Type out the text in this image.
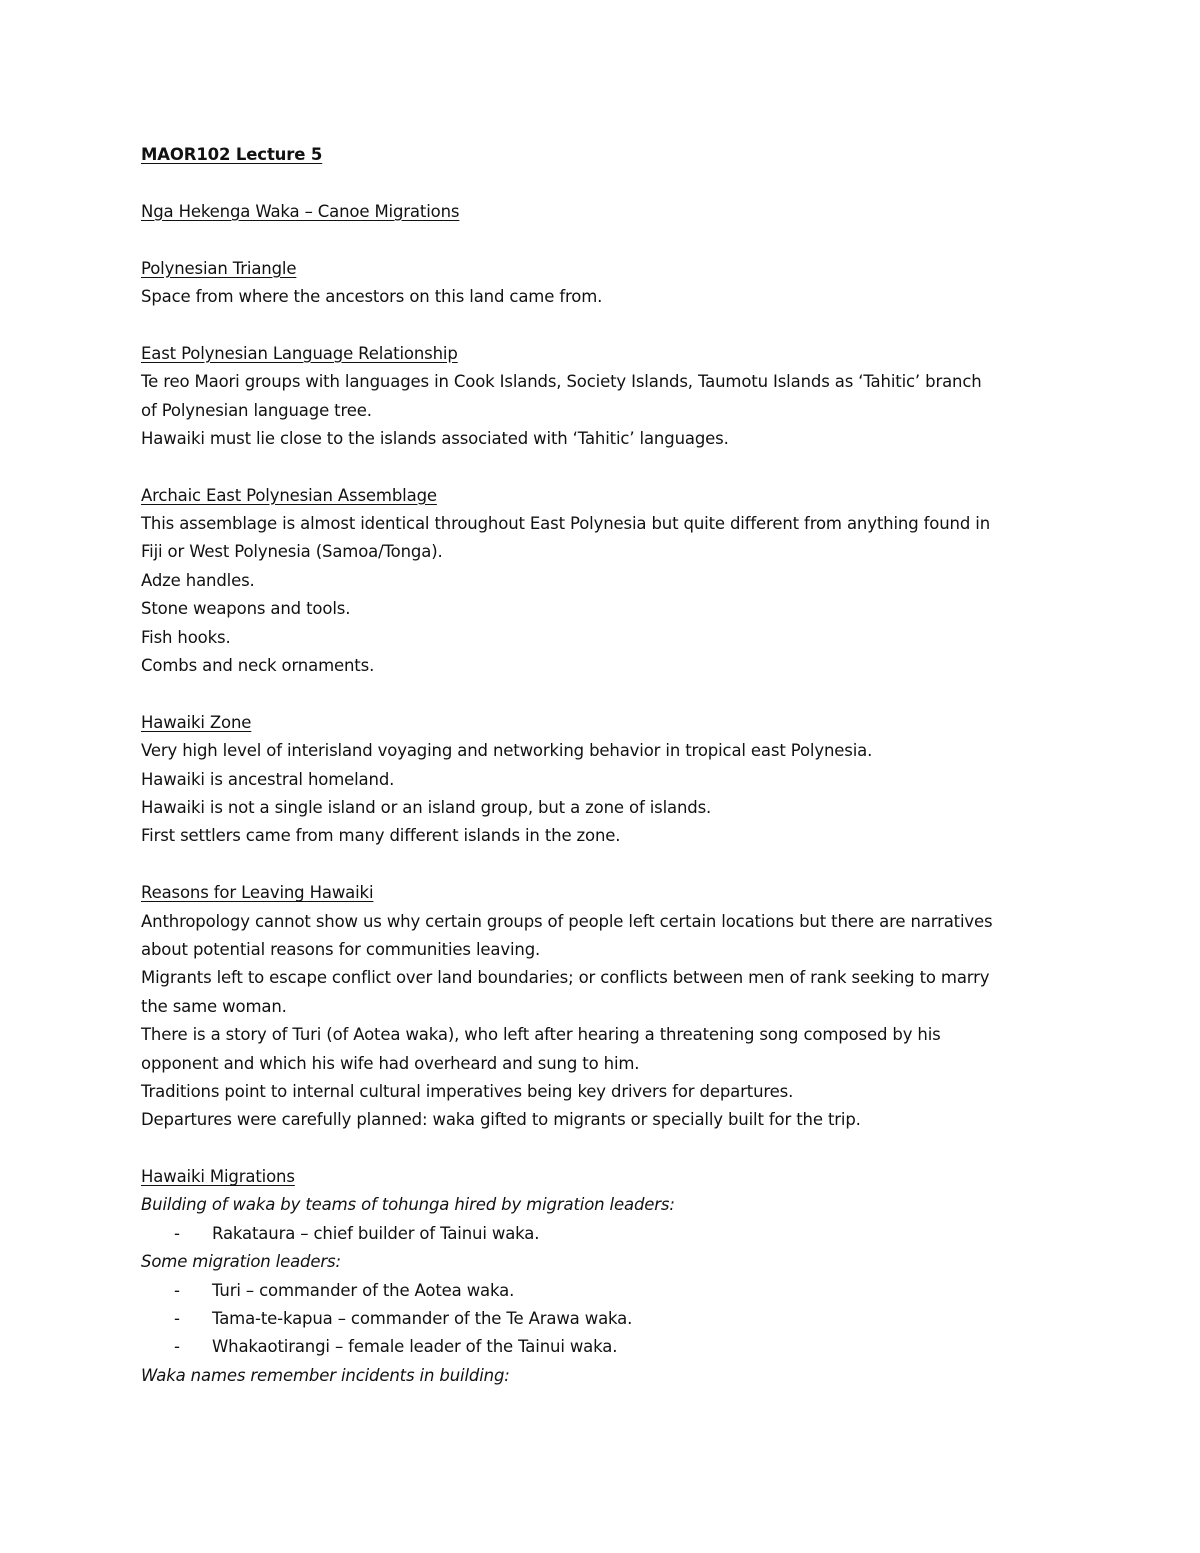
MAOR102 Lecture 5
Nga Hekenga Waka – Canoe Migrations
Polynesian Triangle
Space from where the ancestors on this land came from.
East Polynesian Language Relationship
Te reo Maori groups with languages in Cook Islands, Society Islands, Taumotu Islands as ‘Tahitic’ branch
of Polynesian language tree.
Hawaiki must lie close to the islands associated with ‘Tahitic’ languages.
Archaic East Polynesian Assemblage
This assemblage is almost identical throughout East Polynesia but quite different from anything found in
Fiji or West Polynesia (Samoa/Tonga).
Adze handles.
Stone weapons and tools.
Fish hooks.
Combs and neck ornaments.
Hawaiki Zone
Very high level of interisland voyaging and networking behavior in tropical east Polynesia.
Hawaiki is ancestral homeland.
Hawaiki is not a single island or an island group, but a zone of islands.
First settlers came from many different islands in the zone.
Reasons for Leaving Hawaiki
Anthropology cannot show us why certain groups of people left certain locations but there are narratives
about potential reasons for communities leaving.
Migrants left to escape conflict over land boundaries; or conflicts between men of rank seeking to marry
the same woman.
There is a story of Turi (of Aotea waka), who left after hearing a threatening song composed by his
opponent and which his wife had overheard and sung to him.
Traditions point to internal cultural imperatives being key drivers for departures.
Departures were carefully planned: waka gifted to migrants or specially built for the trip.
Hawaiki Migrations
Building of waka by teams of tohunga hired by migration leaders:
- Rakataura – chief builder of Tainui waka.
Some migration leaders:
- Turi – commander of the Aotea waka.
- Tama-te-kapua – commander of the Te Arawa waka.
- Whakaotirangi – female leader of the Tainui waka.
Waka names remember incidents in building:
